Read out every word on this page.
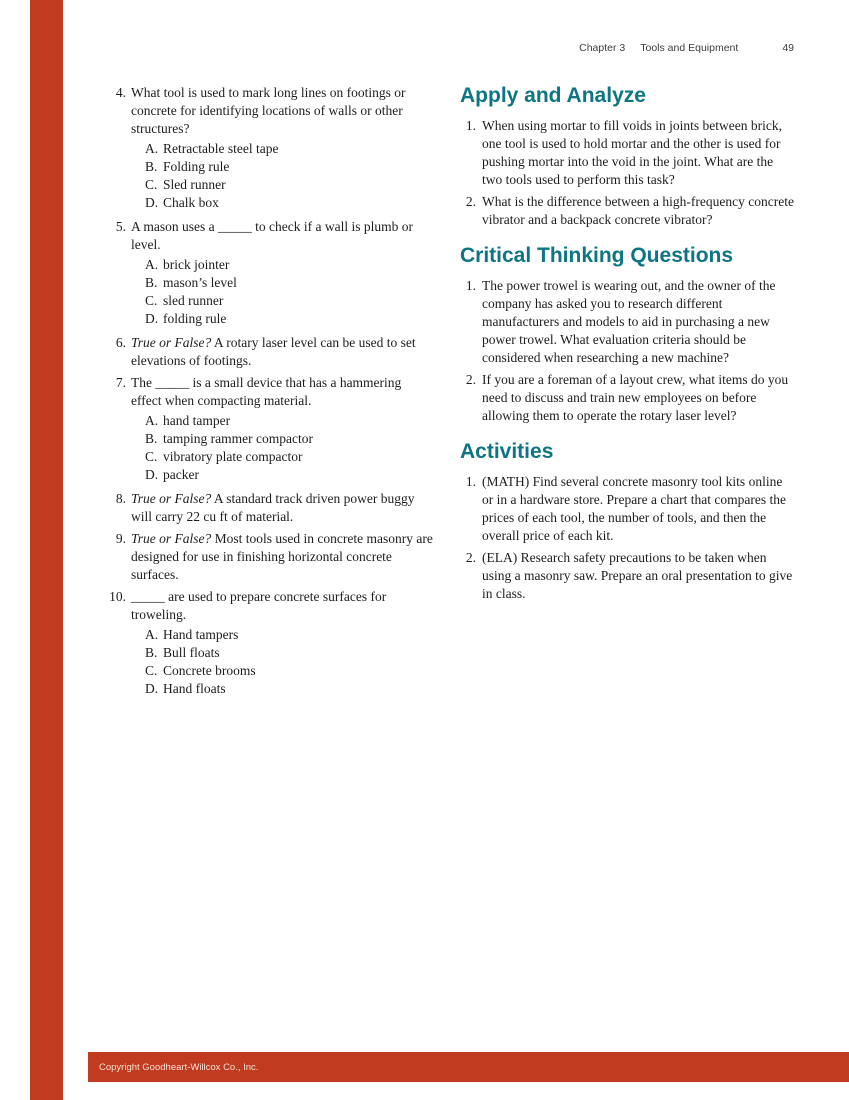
Chapter 3 Tools and Equipment	49
4. What tool is used to mark long lines on footings or concrete for identifying locations of walls or other structures?

A. Retractable steel tape
B. Folding rule
C. Sled runner
D. Chalk box
5. A mason uses a _____ to check if a wall is plumb or level.

A. brick jointer
B. mason’s level
C. sled runner
D. folding rule
6. True or False? A rotary laser level can be used to set elevations of footings.

7. The _____ is a small device that has a hammering effect when compacting material.

A. hand tamper
B. tamping rammer compactor
C. vibratory plate compactor
D. packer
8. True or False? A standard track driven power buggy will carry 22 cu ft of material.

9. True or False? Most tools used in concrete masonry are designed for use in finishing horizontal concrete surfaces.

10. _____ are used to prepare concrete surfaces for troweling.

A. Hand tampers
B. Bull floats
C. Concrete brooms
D. Hand floats
Apply and Analyze
1. When using mortar to fill voids in joints between brick, one tool is used to hold mortar and the other is used for pushing mortar into the void in the joint. What are the two tools used to perform this task?
2. What is the difference between a high-frequency concrete vibrator and a backpack concrete vibrator?
Critical Thinking Questions
1. The power trowel is wearing out, and the owner of the company has asked you to research different manufacturers and models to aid in purchasing a new power trowel. What evaluation criteria should be considered when researching a new machine?
2. If you are a foreman of a layout crew, what items do you need to discuss and train new employees on before allowing them to operate the rotary laser level?
Activities
1. (MATH) Find several concrete masonry tool kits online or in a hardware store. Prepare a chart that compares the prices of each tool, the number of tools, and then the overall price of each kit.
2. (ELA) Research safety precautions to be taken when using a masonry saw. Prepare an oral presentation to give in class.
Copyright Goodheart-Willcox Co., Inc.
